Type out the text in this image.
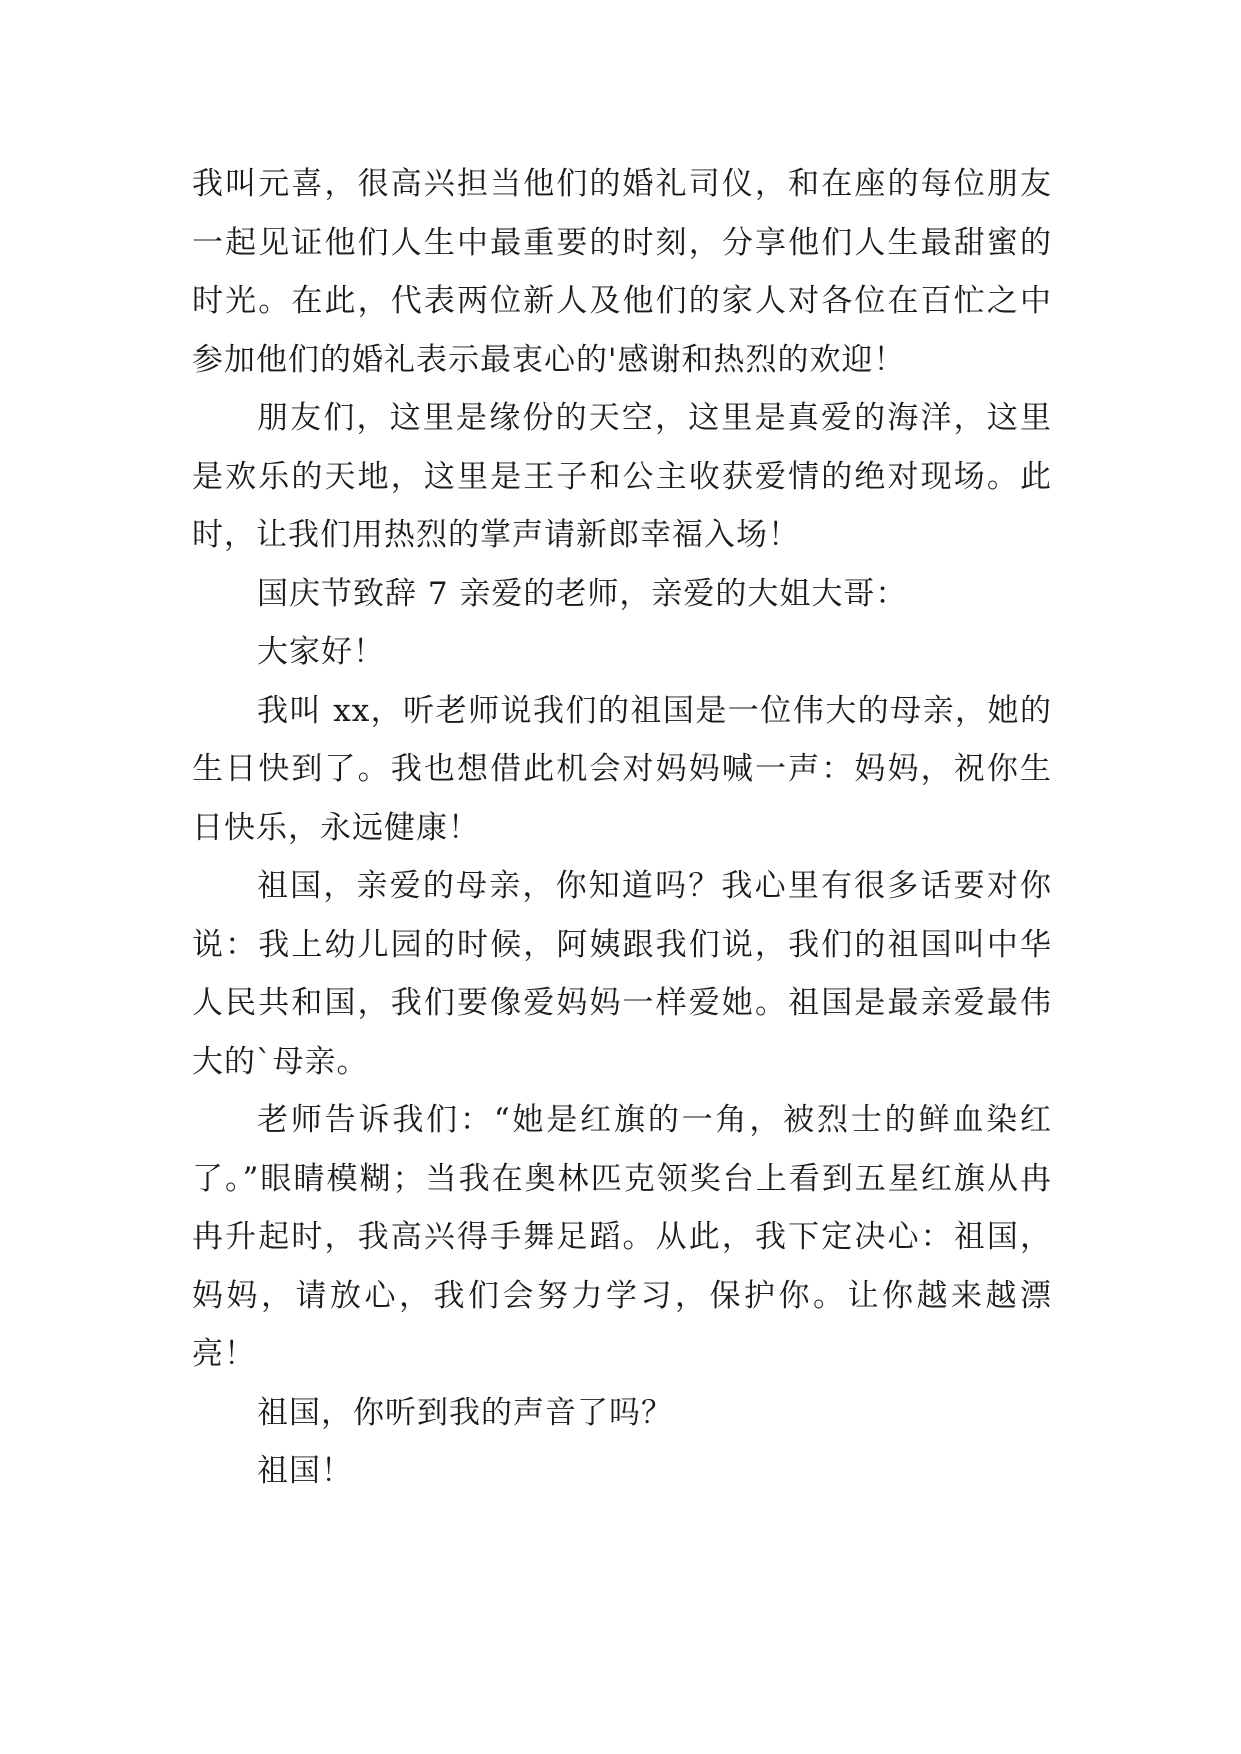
我叫元喜，很高兴担当他们的婚礼司仪，和在座的每位朋友一起见证他们人生中最重要的时刻，分享他们人生最甜蜜的时光。在此，代表两位新人及他们的家人对各位在百忙之中参加他们的婚礼表示最衷心的'感谢和热烈的欢迎！

朋友们，这里是缘份的天空，这里是真爱的海洋，这里是欢乐的天地，这里是王子和公主收获爱情的绝对现场。此时，让我们用热烈的掌声请新郎幸福入场！

国庆节致辞 7 亲爱的老师，亲爱的大姐大哥：

大家好！

我叫 xx，听老师说我们的祖国是一位伟大的母亲，她的生日快到了。我也想借此机会对妈妈喊一声：妈妈，祝你生日快乐，永远健康！

祖国，亲爱的母亲，你知道吗？我心里有很多话要对你说：我上幼儿园的时候，阿姨跟我们说，我们的祖国叫中华人民共和国，我们要像爱妈妈一样爱她。祖国是最亲爱最伟大的`母亲。

老师告诉我们：“她是红旗的一角，被烈士的鲜血染红了。”眼睛模糊；当我在奥林匹克领奖台上看到五星红旗从冉冉升起时，我高兴得手舞足蹈。从此，我下定决心：祖国，妈妈，请放心，我们会努力学习，保护你。让你越来越漂亮！

祖国，你听到我的声音了吗？

祖国！
